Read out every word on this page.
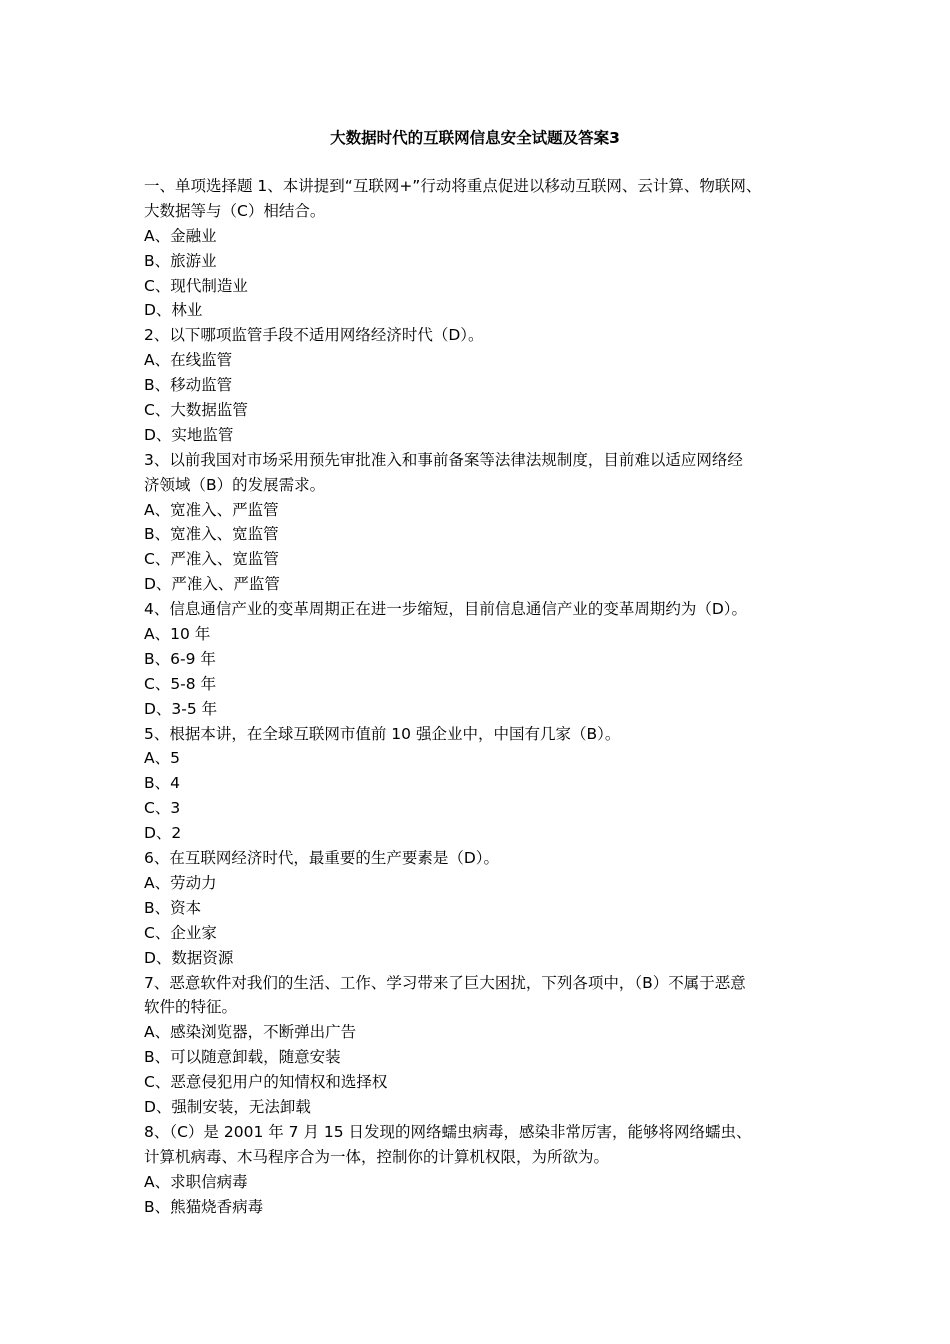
大数据时代的互联网信息安全试题及答案3
一、单项选择题 1、本讲提到“互联网+”行动将重点促进以移动互联网、云计算、物联网、
大数据等与（C）相结合。
A、金融业
B、旅游业
C、现代制造业
D、林业
2、以下哪项监管手段不适用网络经济时代（D）。
A、在线监管
B、移动监管
C、大数据监管
D、实地监管
3、以前我国对市场采用预先审批准入和事前备案等法律法规制度，目前难以适应网络经
济领域（B）的发展需求。
A、宽准入、严监管
B、宽准入、宽监管
C、严准入、宽监管
D、严准入、严监管
4、信息通信产业的变革周期正在进一步缩短，目前信息通信产业的变革周期约为（D）。
A、10 年
B、6-9 年
C、5-8 年
D、3-5 年
5、根据本讲，在全球互联网市值前 10 强企业中，中国有几家（B）。
A、5
B、4
C、3
D、2
6、在互联网经济时代，最重要的生产要素是（D）。
A、劳动力
B、资本
C、企业家
D、数据资源
7、恶意软件对我们的生活、工作、学习带来了巨大困扰，下列各项中，（B）不属于恶意
软件的特征。
A、感染浏览器，不断弹出广告
B、可以随意卸载，随意安装
C、恶意侵犯用户的知情权和选择权
D、强制安装，无法卸载
8、（C）是 2001 年 7 月 15 日发现的网络蠕虫病毒，感染非常厉害，能够将网络蠕虫、
计算机病毒、木马程序合为一体，控制你的计算机权限，为所欲为。
A、求职信病毒
B、熊猫烧香病毒
